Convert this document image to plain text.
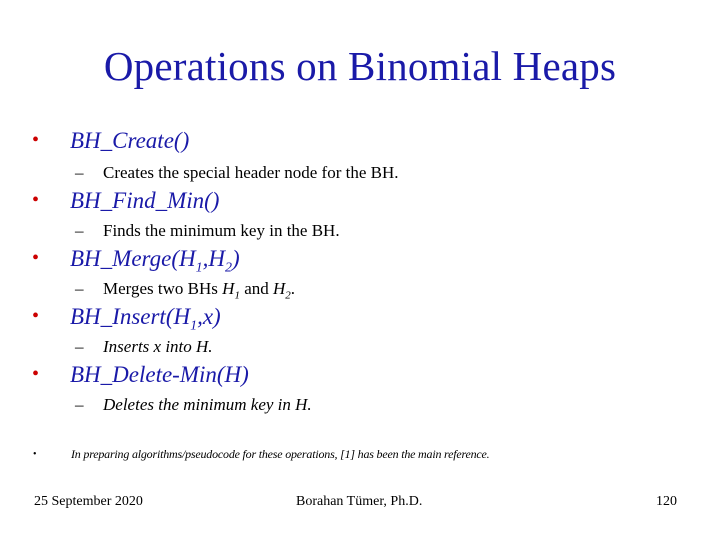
Operations on Binomial Heaps
• BH_Create()
– Creates the special header node for the BH.
• BH_Find_Min()
– Finds the minimum key in the BH.
• $BH\_Merge(H_1,H_2)$
– Merges two BHs $H_1$ and $H_2$.
• $BH\_Insert(H_1,x)$
– Inserts x into H.
• BH_Delete-Min(H)
– Deletes the minimum key in H.
•	In preparing algorithms/pseudocode for these operations, [1] has been the main reference.
25 September 2020	Borahan Tümer, Ph.D.	120
